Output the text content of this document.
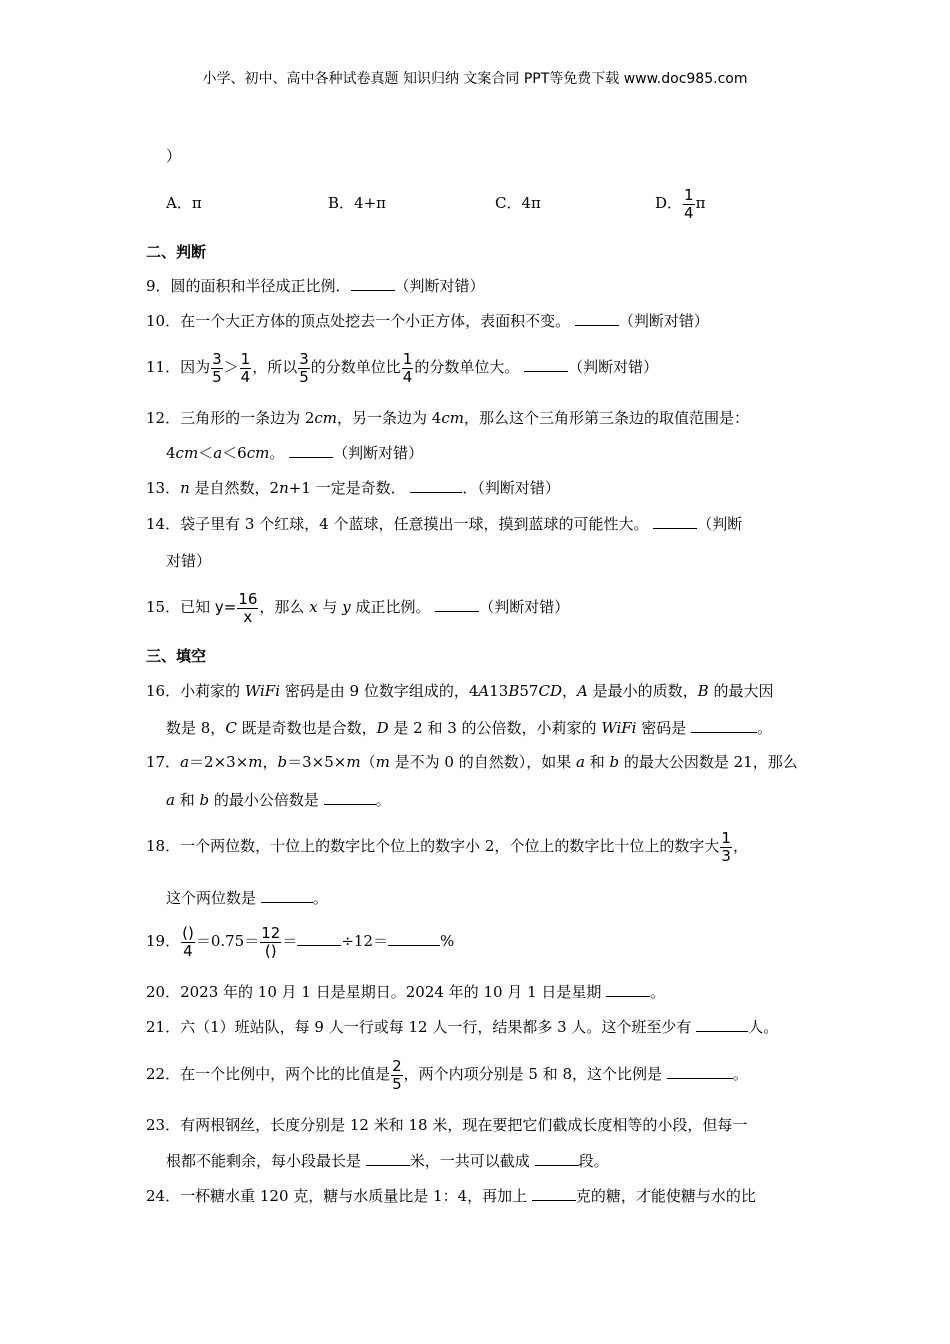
小学、初中、高中各种试卷真题 知识归纳 文案合同 PPT等免费下载 www.doc985.com
）
A．π	B．4+π	C．4π	D． $\frac{1}{4}$ π
二、判断
9．圆的面积和半径成正比例．	（判断对错）
10．在一个大正方体的顶点处挖去一个小正方体，表面积不变。	（判断对错）
11．因为 $\frac{3}{5} > \frac{1}{4}$ ，所以 $\frac{3}{5}$ 的分数单位比 $\frac{1}{4}$ 的分数单位大。	（判断对错）
12．三角形的一条边为 2cm，另一条边为 4cm，那么这个三角形第三条边的取值范围是：
4cm＜a＜6cm。	（判断对错）
13．n 是自然数，2n+1 一定是奇数．	．（判断对错）
14．袋子里有 3 个红球，4 个蓝球，任意摸出一球，摸到蓝球的可能性大。	（判断
对错）
15．已知 $y= \frac{16}{x}$ ，那么 x 与 y 成正比例。	（判断对错）
三、填空
16．小莉家的 WiFi 密码是由 9 位数字组成的，4A13B57CD，A 是最小的质数，B 的最大因
数是 8，C 既是奇数也是合数，D 是 2 和 3 的公倍数，小莉家的 WiFi 密码是	。
17．a＝2×3×m，b＝3×5×m（m 是不为 0 的自然数），如果 a 和 b 的最大公因数是 21，那么
a 和 b 的最小公倍数是	。
18．一个两位数，十位上的数字比个位上的数字小 2，个位上的数字比十位上的数字大 $\frac{1}{3}$ ，
这个两位数是	。
19． $\frac{()}{4} =0.75= \frac{12}{()}$ ＝	÷12＝	%
20．2023 年的 10 月 1 日是星期日。2024 年的 10 月 1 日是星期	。
21．六（1）班站队，每 9 人一行或每 12 人一行，结果都多 3 人。这个班至少有	人。
22．在一个比例中，两个比的比值是 $\frac{2}{5}$ ，两个内项分别是 5 和 8，这个比例是	。
23．有两根钢丝，长度分别是 12 米和 18 米，现在要把它们截成长度相等的小段，但每一
根都不能剩余，每小段最长是	米，一共可以截成	段。
24．一杯糖水重 120 克，糖与水质量比是 1：4，再加上	克的糖，才能使糖与水的比
